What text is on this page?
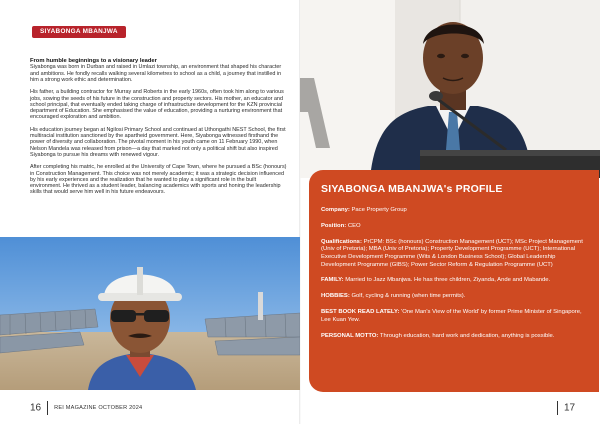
SIYABONGA MBANJWA
From humble beginnings to a visionary leader

Siyabonga was born in Durban and raised in Umlazi township, an environment that shaped his character and ambitions. He fondly recalls walking several kilometres to school as a child, a journey that instilled in him a strong work ethic and determination.

His father, a building contractor for Murray and Roberts in the early 1960s, often took him along to various jobs, sowing the seeds of his future in the construction and property sectors. His mother, an educator and school principal, that eventually ended taking charge of infrastructure development for the KZN provincial department of Education. She emphasised the value of education, providing a nurturing environment that encouraged exploration and ambition.

His education journey began at Ngilosi Primary School and continued at Uthongathi NEST School, the first multiracial institution sanctioned by the apartheid government. Here, Siyabonga witnessed firsthand the power of diversity and collaboration. The pivotal moment in his youth came on 11 February 1990, when Nelson Mandela was released from prison—a day that marked not only a political shift but also inspired Siyabonga to pursue his dreams with renewed vigour.

After completing his matric, he enrolled at the University of Cape Town, where he pursued a BSc (honours) in Construction Management. This choice was not merely academic; it was a strategic decision influenced by his early experiences and the realization that he wanted to play a significant role in the built environment. He thrived as a student leader, balancing academics with sports and honing the leadership skills that would serve him well in his future endeavours.	SIYABONGA MBANJWA's PROFILE
Company: Pace Property Group
Position: CEO
Qualifications: PrCPM: BSc (honours) Construction Management (UCT); MSc Project Management (Univ of Pretoria); MBA (Univ of Pretoria); Property Development Programme (UCT); International Executive Development Programme (Wits & London Business School); Global Leadership Development Programme (GIBS); Power Sector Reform & Regulation Programme (UCT)
FAMILY: Married to Jazz Mbanjwa. He has three children, Ziyanda, Ande and Mabande.
HOBBIES: Golf, cycling & running (when time permits).
BEST BOOK READ LATELY: 'One Man's View of the World' by former Prime Minister of Singapore, Lee Kuan Yew.
PERSONAL MOTTO: Through education, hard work and dedication, anything is possible.
16 REI MAGAZINE OCTOBER 2024	17
